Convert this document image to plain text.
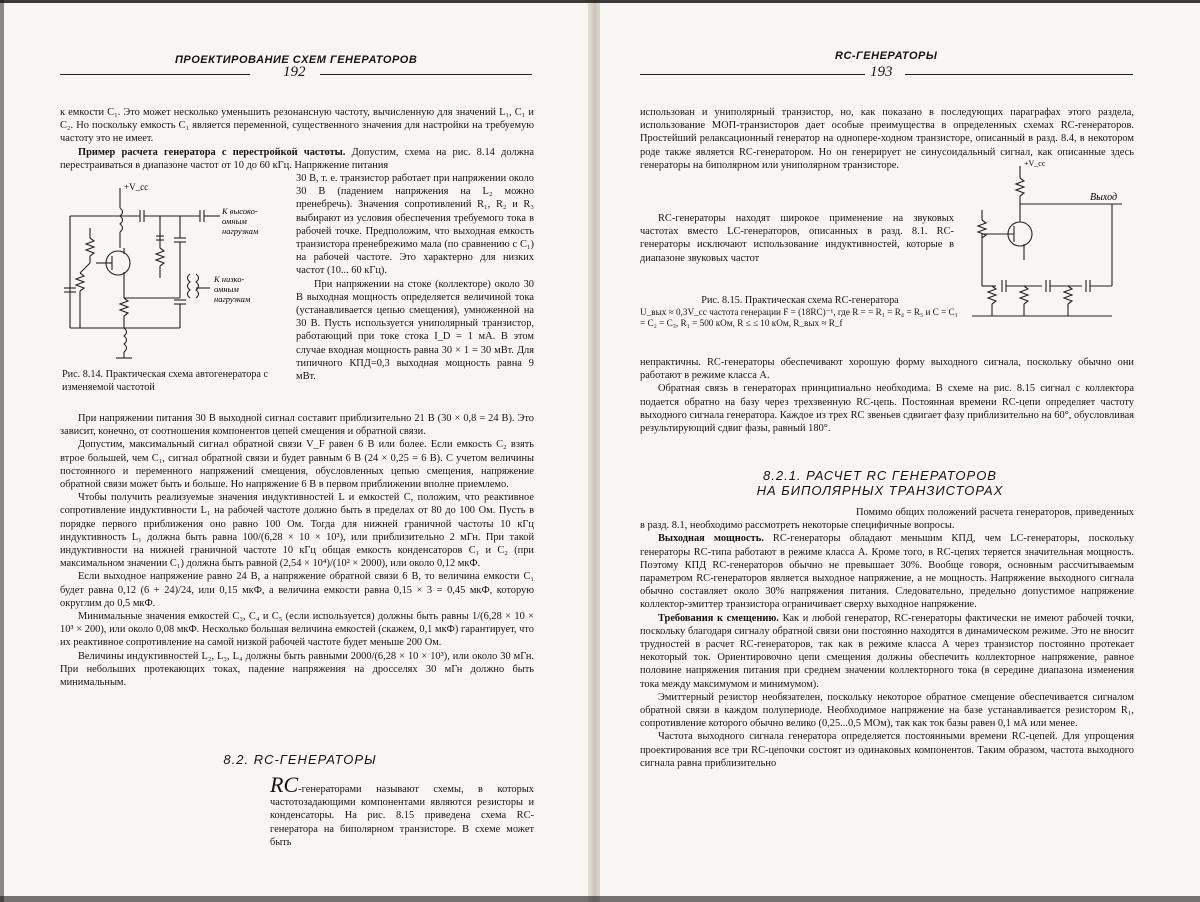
ПРОЕКТИРОВАНИЕ СХЕМ ГЕНЕРАТОРОВ
192

к емкости C₁. Это может несколько уменьшить резонансную частоту, вычисленную для значений L₁, C₁ и C₂. Но поскольку емкость C₁ является переменной, существенного значения для настройки на требуемую частоту это не имеет.

Пример расчета генератора с перестройкой частоты. Допустим, схема на рис. 8.14 должна перестраиваться в диапазоне частот от 10 до 60 кГц. Напряжение питания

+V_cc
К высоко-омным нагрузкам
К низко-омным нагрузкам

30 В, т. е. транзистор работает при напряжении около 30 В (падением напряжения на L₂ можно пренебречь). Значения сопротивлений R₁, R₂ и R₃ выбирают из условия обеспечения требуемого тока в рабочей точке. Предположим, что выходная емкость транзистора пренебрежимо мала (по сравнению с C₁) на рабочей частоте. Это характерно для низких частот (10... 60 кГц).

При напряжении на стоке (коллекторе) около 30 В выходная мощность определяется величиной тока (устанавливается цепью смещения), умноженной на 30 В. Пусть используется униполярный транзистор, работающий при токе стока I_D = 1 мА. В этом случае входная мощность равна 30 × 1 = 30 мВт. Для типичного КПД=0,3 выходная мощность равна 9 мВт.

Рис. 8.14. Практическая схема автогенератора с изменяемой частотой

При напряжении питания 30 В выходной сигнал составит приблизительно 21 В (30 × 0,8 = 24 В). Это зависит, конечно, от соотношения компонентов цепей смещения и обратной связи.

Допустим, максимальный сигнал обратной связи V_F равен 6 В или более. Если емкость C₂ взять втрое большей, чем C₁, сигнал обратной связи и будет равным 6 В (24 × 0,25 = 6 В). С учетом величины постоянного и переменного напряжений смещения, обусловленных цепью смещения, напряжение обратной связи может быть и больше. Но напряжение 6 В в первом приближении вполне приемлемо.

Чтобы получить реализуемые значения индуктивностей L и емкостей C, положим, что реактивное сопротивление индуктивности L₁ на рабочей частоте должно быть в пределах от 80 до 100 Ом. Пусть в порядке первого приближения оно равно 100 Ом. Тогда для нижней граничной частоты 10 кГц индуктивность L₁ должна быть равна 100/(6,28 × 10 × 10³), или приблизительно 2 мГн. При такой индуктивности на нижней граничной частоте 10 кГц общая емкость конденсаторов C₁ и C₂ (при максимальном значении C₁) должна быть равной (2,54 × 10⁴)/(10² × 2000), или около 0,12 мкФ.

Если выходное напряжение равно 24 В, а напряжение обратной связи 6 В, то величина емкости C₁ будет равна 0,12 (6 + 24)/24, или 0,15 мкФ, а величина емкости равна 0,15 × 3 = 0,45 мкФ, которую округлим до 0,5 мкФ.

Минимальные значения емкостей C₃, C₄ и C₅ (если используется) должны быть равны 1/(6,28 × 10 × 10³ × 200), или около 0,08 мкФ. Несколько большая величина емкостей (скажем, 0,1 мкФ) гарантирует, что их реактивное сопротивление на самой низкой рабочей частоте будет меньше 200 Ом.

Величины индуктивностей L₂, L₃, L₄ должны быть равными 2000/(6,28 × 10 × 10³), или около 30 мГн. При небольших протекающих токах, падение напряжения на дросселях 30 мГн должно быть минимальным.

8.2. RC-ГЕНЕРАТОРЫ

RC-генераторами называют схемы, в которых частотозадающими компонентами являются резисторы и конденсаторы. На рис. 8.15 приведена схема RC-генератора на биполярном транзисторе. В схеме может быть

RC-ГЕНЕРАТОРЫ
193

использован и униполярный транзистор, но, как показано в последующих параграфах этого раздела, использование МОП-транзисторов дает особые преимущества в определенных схемах RC-генераторов. Простейший релаксационный генератор на одноперe-ходном транзисторе, описанный в разд. 8.4, в некотором роде также является RC-генератором. Но он генерирует не синусоидальный сигнал, как описанные здесь генераторы на биполярном или униполярном транзисторе.

RC-генераторы находят широкое применение на звуковых частотах вместо LC-генераторов, описанных в разд. 8.1. RC-генераторы исключают использование индуктивностей, которые в диапазоне звуковых частот

+V_cc
Выход
Рис. 8.15. Практическая схема RC-генератора
U_вых ≈ 0,3V_cc частота генерации F = (18RC)⁻¹, где R = = R₁ = R₄ = R₅ и C = C₁ = C₂ = C₃, R₁ = 500 кОм, R ≤ ≤ 10 кОм, R_вых ≈ R_f

непрактичны. RC-генераторы обеспечивают хорошую форму выходного сигнала, поскольку обычно они работают в режиме класса А.

Обратная связь в генераторах принципиально необходима. В схеме на рис. 8.15 сигнал с коллектора подается обратно на базу через трехзвенную RC-цепь. Постоянная времени RC-цепи определяет частоту выходного сигнала генератора. Каждое из трех RC звеньев сдвигает фазу приблизительно на 60°, обусловливая результирующий сдвиг фазы, равный 180°.

8.2.1. РАСЧЕТ RC ГЕНЕРАТОРОВ
НА БИПОЛЯРНЫХ ТРАНЗИСТОРАХ

Помимо общих положений расчета генераторов, приведенных в разд. 8.1, необходимо рассмотреть некоторые специфичные вопросы.

Выходная мощность. RC-генераторы обладают меньшим КПД, чем LC-генераторы, поскольку генераторы RC-типа работают в режиме класса А. Кроме того, в RC-цепях теряется значительная мощность. Поэтому КПД RC-генераторов обычно не превышает 30%. Вообще говоря, основным рассчитываемым параметром RC-генераторов является выходное напряжение, а не мощность. Напряжение выходного сигнала обычно составляет около 30% напряжения питания. Следовательно, предельно допустимое напряжение коллектор-эмиттер транзистора ограничивает сверху выходное напряжение.

Требования к смещению. Как и любой генератор, RC-генераторы фактически не имеют рабочей точки, поскольку благодаря сигналу обратной связи они постоянно находятся в динамическом режиме. Это не вносит трудностей в расчет RC-генераторов, так как в режиме класса А через транзистор постоянно протекает некоторый ток. Ориентировочно цепи смещения должны обеспечить коллекторное напряжение, равное половине напряжения питания при среднем значении коллекторного тока (в середине диапазона изменения тока между максимумом и минимумом).

Эмиттерный резистор необязателен, поскольку некоторое обратное смещение обеспечивается сигналом обратной связи в каждом полупериоде. Необходимое напряжение на базе устанавливается резистором R₁, сопротивление которого обычно велико (0,25...0,5 МОм), так как ток базы равен 0,1 мА или менее.

Частота выходного сигнала генератора определяется постоянными времени RC-цепей. Для упрощения проектирования все три RC-цепочки состоят из одинаковых компонентов. Таким образом, частота выходного сигнала равна приблизительно
